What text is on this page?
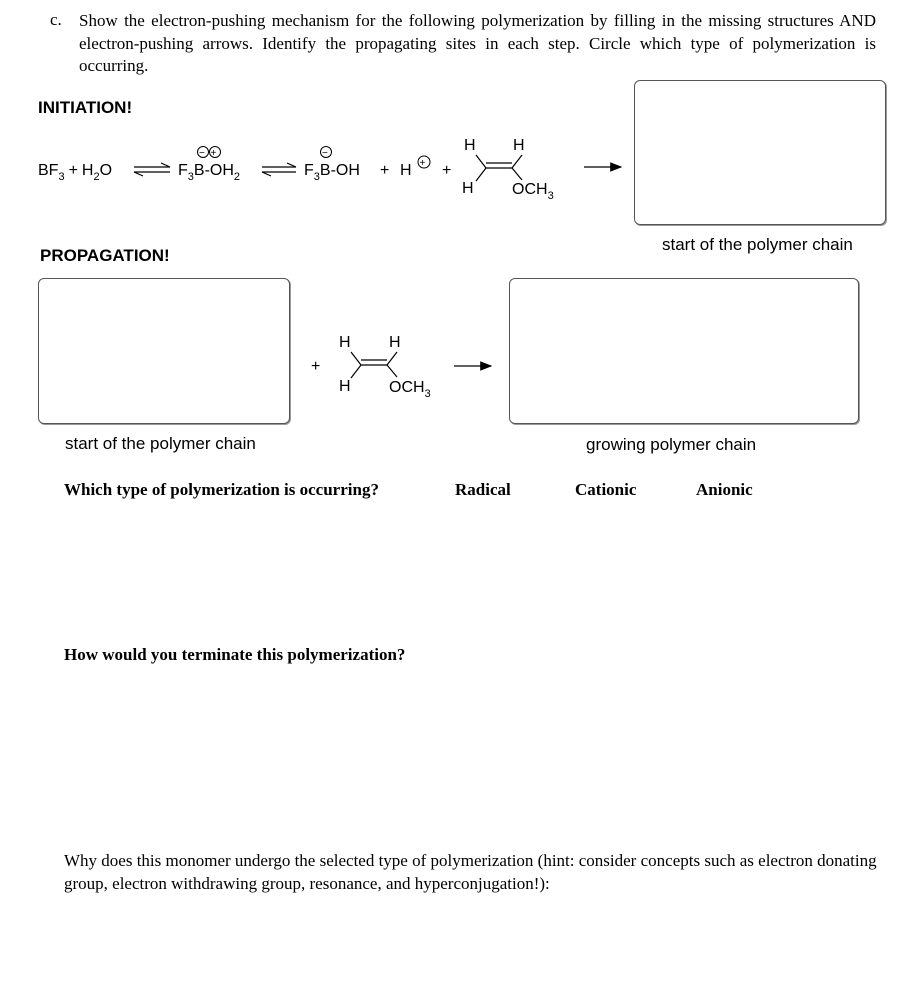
c. Show the electron-pushing mechanism for the following polymerization by filling in the missing structures AND electron-pushing arrows. Identify the propagating sites in each step. Circle which type of polymerization is occurring.
INITIATION!
$BF_3 + H_2O$
− +
$F_3B-OH_2$
−
$F_3B-OH + H$ + +
H H
H $OCH_3$
start of the polymer chain
PROPAGATION!
+
H H
H $OCH_3$
start of the polymer chain	growing polymer chain
Which type of polymerization is occurring?	Radical	Cationic	Anionic
How would you terminate this polymerization?
Why does this monomer undergo the selected type of polymerization (hint: consider concepts such as electron donating group, electron withdrawing group, resonance, and hyperconjugation!):
